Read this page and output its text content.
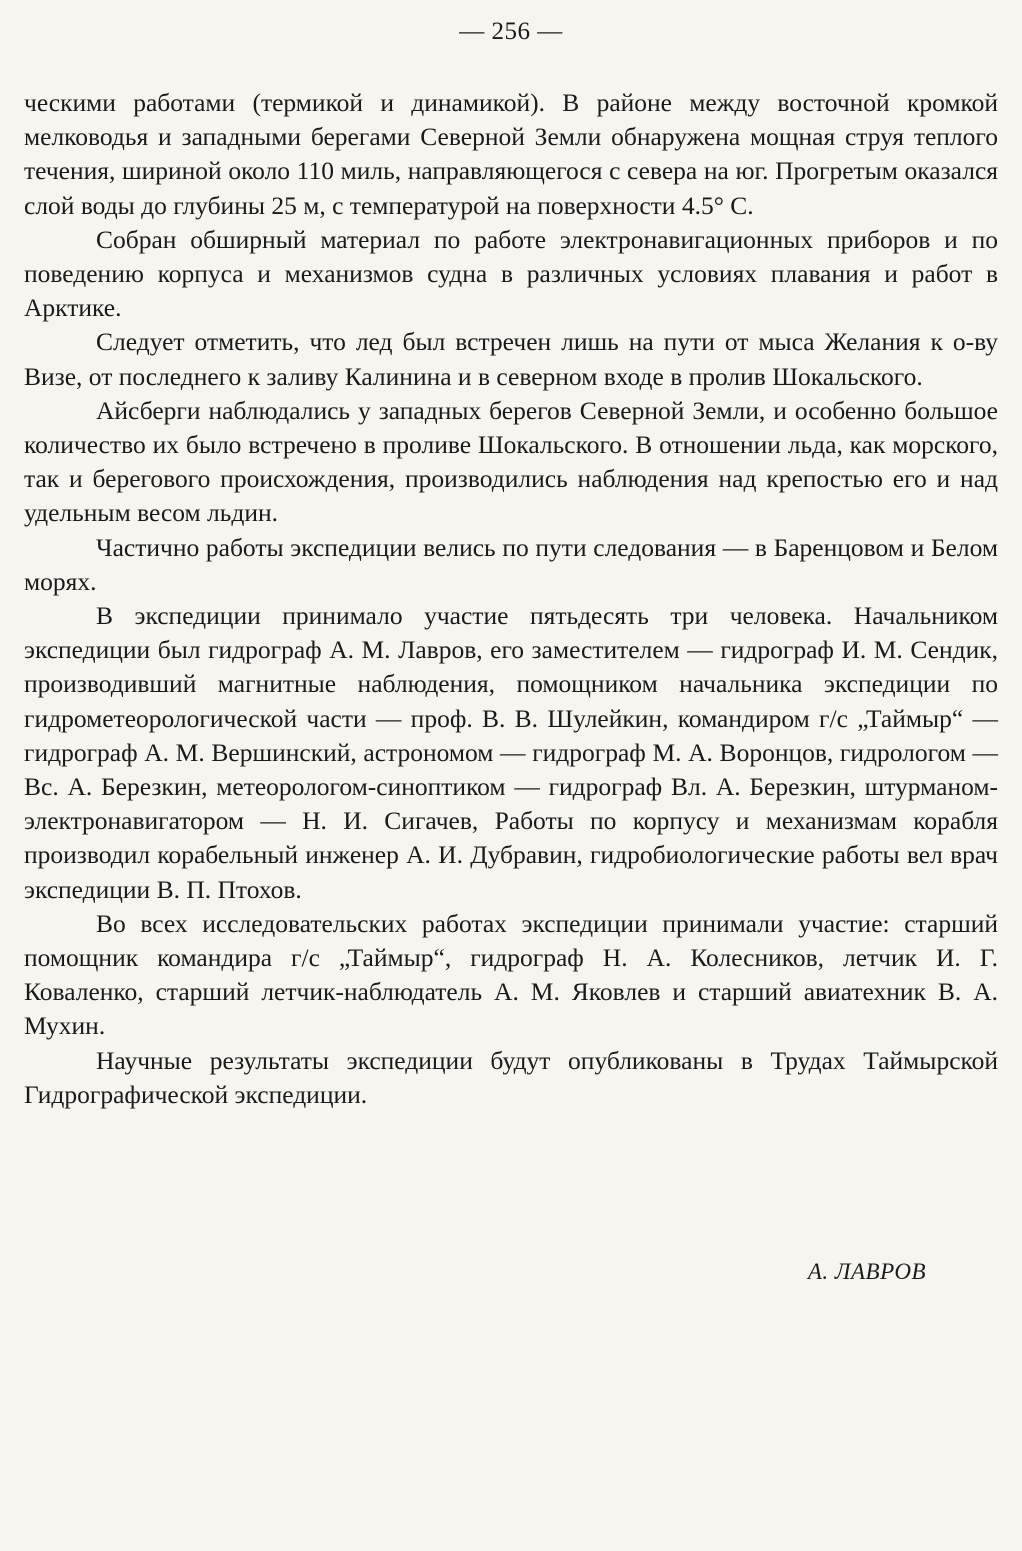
— 256 —

ческими работами (термикой и динамикой). В районе между восточной кромкой мелководья и западными берегами Северной Земли обнаружена мощная струя теплого течения, шириной около 110 миль, направляющегося с севера на юг. Прогретым оказался слой воды до глубины 25 м, с температурой на поверхности 4.5° С.

Собран обширный материал по работе электронавигационных приборов и по поведению корпуса и механизмов судна в различных условиях плавания и работ в Арктике.

Следует отметить, что лед был встречен лишь на пути от мыса Желания к о-ву Визе, от последнего к заливу Калинина и в северном входе в пролив Шокальского.

Айсберги наблюдались у западных берегов Северной Земли, и особенно большое количество их было встречено в проливе Шокальского. В отношении льда, как морского, так и берегового происхождения, производились наблюдения над крепостью его и над удельным весом льдин.

Частично работы экспедиции велись по пути следования — в Баренцовом и Белом морях.

В экспедиции принимало участие пятьдесять три человека. Начальником экспедиции был гидрограф А. М. Лавров, его заместителем — гидрограф И. М. Сендик, производивший магнитные наблюдения, помощником начальника экспедиции по гидрометеорологической части — проф. В. В. Шулейкин, командиром г/с „Таймыр“ — гидрограф А. М. Вершинский, астрономом — гидрограф М. А. Воронцов, гидрологом — Вс. А. Березкин, метеорологом-синоптиком — гидрограф Вл. А. Березкин, штурманом-электронавигатором — Н. И. Сигачев, Работы по корпусу и механизмам корабля производил корабельный инженер А. И. Дубравин, гидробиологические работы вел врач экспедиции В. П. Птохов.

Во всех исследовательских работах экспедиции принимали участие: старший помощник командира г/с „Таймыр“, гидрограф Н. А. Колесников, летчик И. Г. Коваленко, старший летчик-наблюдатель А. М. Яковлев и старший авиатехник В. А. Мухин.

Научные результаты экспедиции будут опубликованы в Трудах Таймырской Гидрографической экспедиции.

А. ЛАВРОВ
